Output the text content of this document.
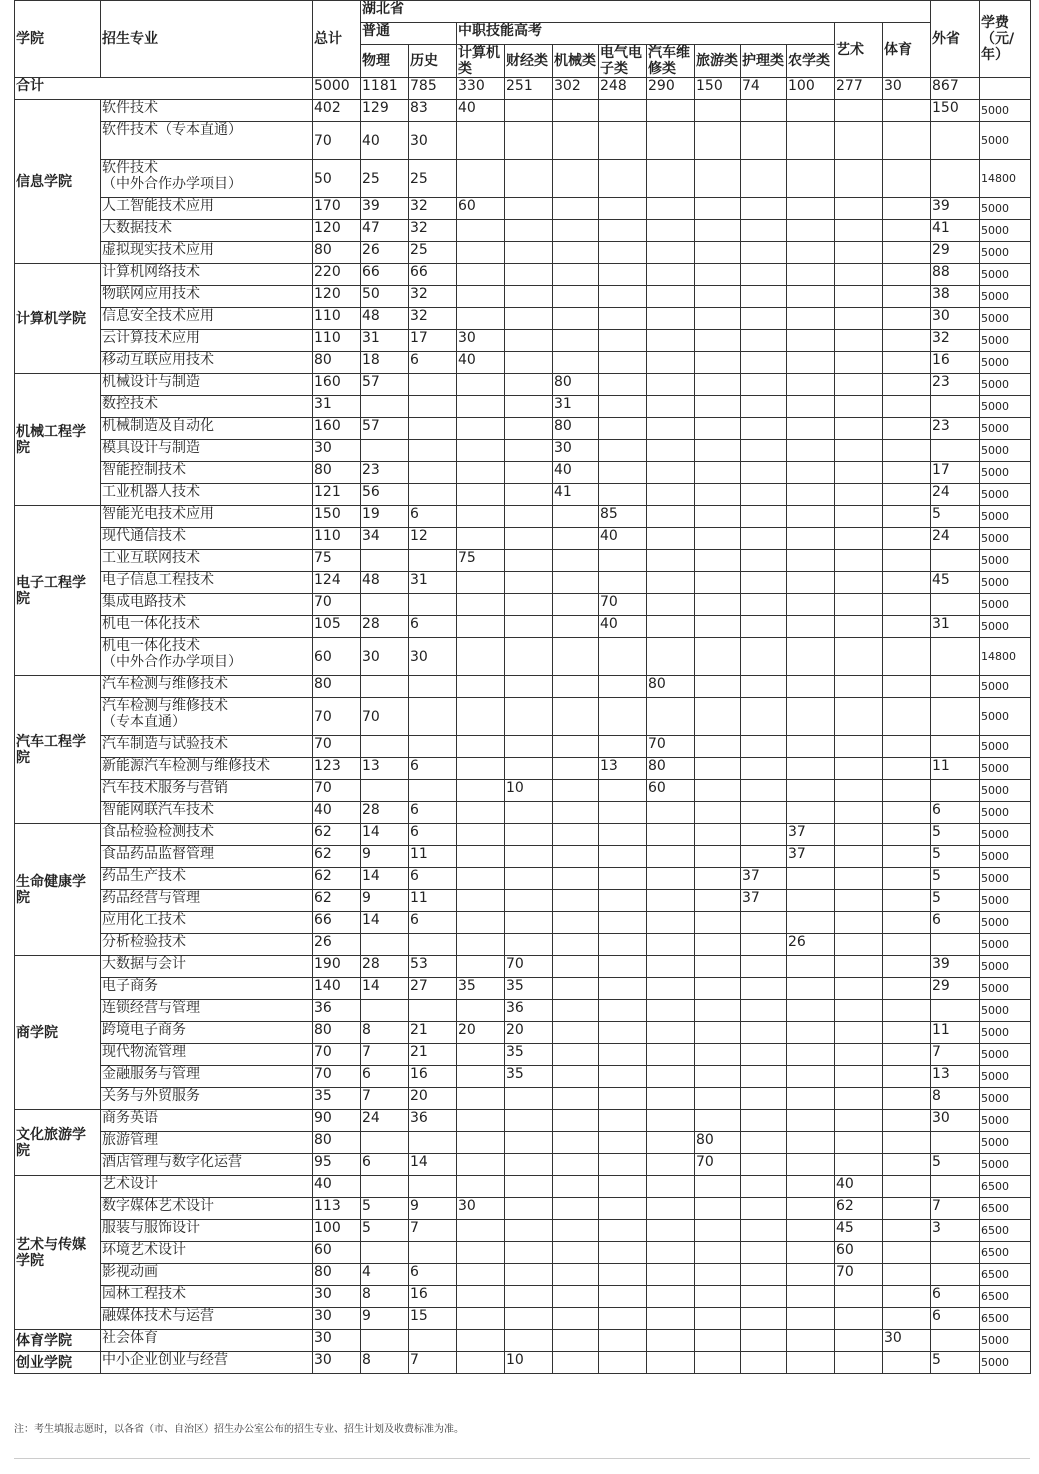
学院	招生专业	总计	湖北省												外省	学费（元/年）
			普通		中职技能高考								艺术	体育		
			物理	历史	计算机类	财经类	机械类	电气电子类	汽车维修类	旅游类	护理类	农学类				

合计		5000	1181	785	330	251	302	248	290	150	74	100	277	30	867	
信息学院	软件技术	402	129	83	40										150	5000

	软件技术（专本直通）	70	40	30												5000

	软件技术
（中外合作办学项目）	50	25	25												14800

	人工智能技术应用	170	39	32	60										39	5000

	大数据技术	120	47	32											41	5000

	虚拟现实技术应用	80	26	25											29	5000
计算机学院	计算机网络技术	220	66	66											88	5000

	物联网应用技术	120	50	32											38	5000

	信息安全技术应用	110	48	32											30	5000

	云计算技术应用	110	31	17	30										32	5000

	移动互联应用技术	80	18	6	40										16	5000
机械工程学院	机械设计与制造	160	57				80								23	5000

	数控技术	31					31									5000

	机械制造及自动化	160	57				80								23	5000

	模具设计与制造	30					30									5000

	智能控制技术	80	23				40								17	5000

	工业机器人技术	121	56				41								24	5000
电子工程学院	智能光电技术应用	150	19	6				85							5	5000

	现代通信技术	110	34	12				40							24	5000

	工业互联网技术	75			75											5000

	电子信息工程技术	124	48	31											45	5000

	集成电路技术	70						70								5000

	机电一体化技术	105	28	6				40							31	5000

	机电一体化技术
（中外合作办学项目）	60	30	30												14800
汽车工程学院	汽车检测与维修技术	80							80							5000

	汽车检测与维修技术
（专本直通）	70	70													5000

	汽车制造与试验技术	70							70							5000

	新能源汽车检测与维修技术	123	13	6				13	80						11	5000

	汽车技术服务与营销	70				10			60							5000

	智能网联汽车技术	40	28	6											6	5000
生命健康学院	食品检验检测技术	62	14	6								37			5	5000

	食品药品监督管理	62	9	11								37			5	5000

	药品生产技术	62	14	6							37				5	5000

	药品经营与管理	62	9	11							37				5	5000

	应用化工技术	66	14	6											6	5000

	分析检验技术	26										26				5000
商学院	大数据与会计	190	28	53		70									39	5000

	电子商务	140	14	27	35	35									29	5000

	连锁经营与管理	36				36										5000

	跨境电子商务	80	8	21	20	20									11	5000

	现代物流管理	70	7	21		35									7	5000

	金融服务与管理	70	6	16		35									13	5000

	关务与外贸服务	35	7	20											8	5000
文化旅游学院	商务英语	90	24	36											30	5000

	旅游管理	80								80						5000

	酒店管理与数字化运营	95	6	14						70					5	5000
艺术与传媒学院	艺术设计	40											40			6500

	数字媒体艺术设计	113	5	9	30								62		7	6500

	服装与服饰设计	100	5	7									45		3	6500

	环境艺术设计	60											60			6500

	影视动画	80	4	6									70			6500

	园林工程技术	30	8	16											6	6500

	融媒体技术与运营	30	9	15											6	6500
体育学院	社会体育	30												30		5000
创业学院	中小企业创业与经营	30	8	7		10									5	5000
注：考生填报志愿时，以各省（市、自治区）招生办公室公布的招生专业、招生计划及收费标准为准。
